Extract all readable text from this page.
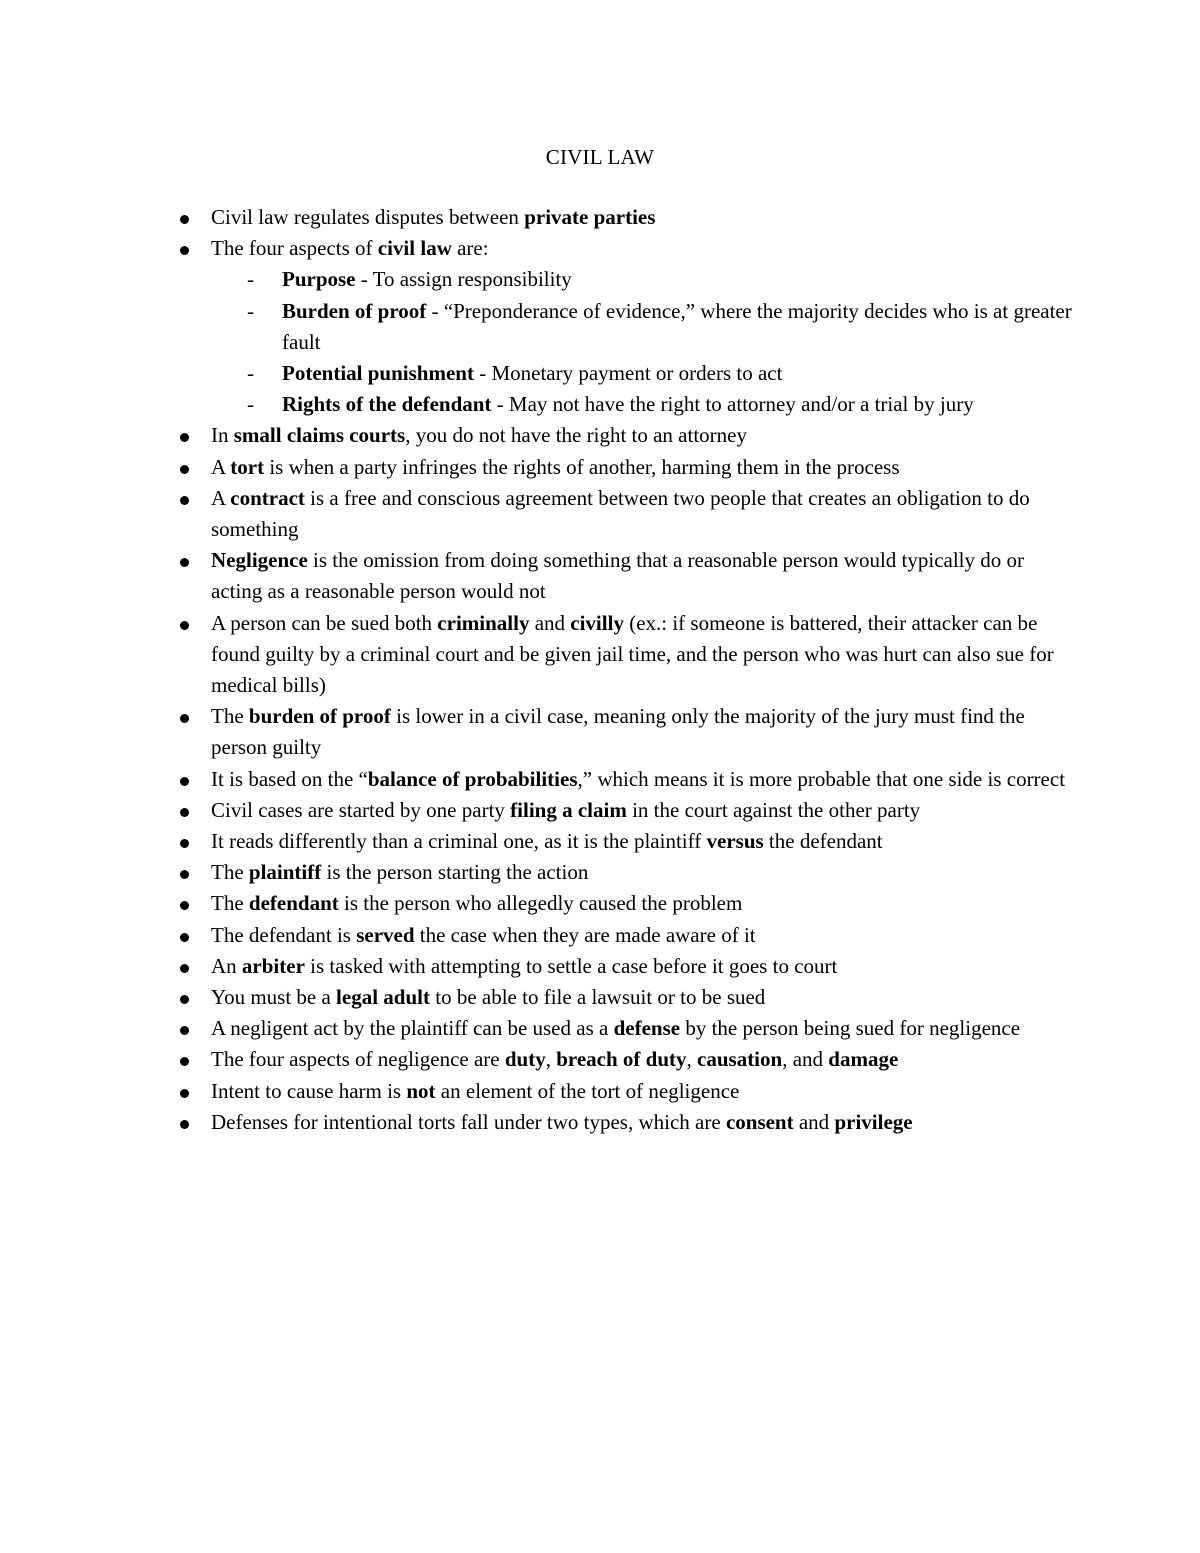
CIVIL LAW
Civil law regulates disputes between private parties
The four aspects of civil law are:
- Purpose - To assign responsibility
- Burden of proof - “Preponderance of evidence,” where the majority decides who is at greater fault
- Potential punishment - Monetary payment or orders to act
- Rights of the defendant - May not have the right to attorney and/or a trial by jury
In small claims courts, you do not have the right to an attorney
A tort is when a party infringes the rights of another, harming them in the process
A contract is a free and conscious agreement between two people that creates an obligation to do something
Negligence is the omission from doing something that a reasonable person would typically do or acting as a reasonable person would not
A person can be sued both criminally and civilly (ex.: if someone is battered, their attacker can be found guilty by a criminal court and be given jail time, and the person who was hurt can also sue for medical bills)
The burden of proof is lower in a civil case, meaning only the majority of the jury must find the person guilty
It is based on the “balance of probabilities,” which means it is more probable that one side is correct
Civil cases are started by one party filing a claim in the court against the other party
It reads differently than a criminal one, as it is the plaintiff versus the defendant
The plaintiff is the person starting the action
The defendant is the person who allegedly caused the problem
The defendant is served the case when they are made aware of it
An arbiter is tasked with attempting to settle a case before it goes to court
You must be a legal adult to be able to file a lawsuit or to be sued
A negligent act by the plaintiff can be used as a defense by the person being sued for negligence
The four aspects of negligence are duty, breach of duty, causation, and damage
Intent to cause harm is not an element of the tort of negligence
Defenses for intentional torts fall under two types, which are consent and privilege
